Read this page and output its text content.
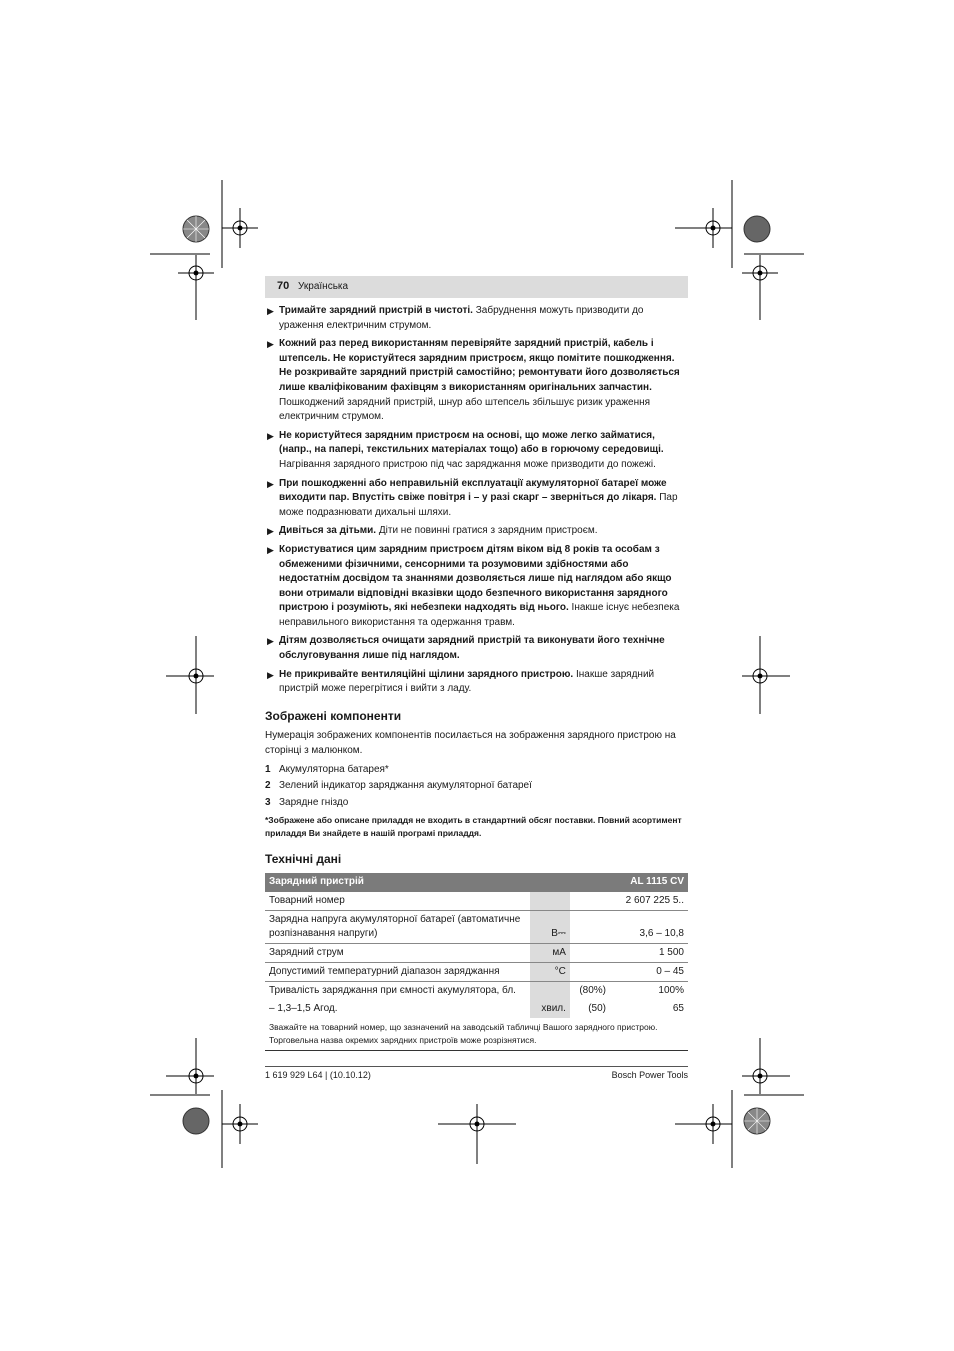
70 Українська
▶ Тримайте зарядний пристрій в чистоті. Забруднення можуть призводити до ураження електричним струмом.
▶ Кожний раз перед використанням перевіряйте зарядний пристрій, кабель і штепсель. Не користуйтеся зарядним пристроєм, якщо помітите пошкодження. Не розкривайте зарядний пристрій самостійно; ремонтувати його дозволяється лише кваліфікованим фахівцям з використанням оригінальних запчастин. Пошкоджений зарядний пристрій, шнур або штепсель збільшує ризик ураження електричним струмом.
▶ Не користуйтеся зарядним пристроєм на основі, що може легко займатися, (напр., на папері, текстильних матеріалах тощо) або в горючому середовищі. Нагрівання зарядного пристрою під час заряджання може призводити до пожежі.
▶ При пошкодженні або неправильній експлуатації акумуляторної батареї може виходити пар. Впустіть свіже повітря і – у разі скарг – зверніться до лікаря. Пар може подразнювати дихальні шляхи.
▶ Дивіться за дітьми. Діти не повинні гратися з зарядним пристроєм.
▶ Користуватися цим зарядним пристроєм дітям віком від 8 років та особам з обмеженими фізичними, сенсорними та розумовими здібностями або недостатнім досвідом та знаннями дозволяється лише під наглядом або якщо вони отримали відповідні вказівки щодо безпечного використання зарядного пристрою і розуміють, які небезпеки надходять від нього. Інакше існує небезпека неправильного використання та одержання травм.
▶ Дітям дозволяється очищати зарядний пристрій та виконувати його технічне обслуговування лише під наглядом.
▶ Не прикривайте вентиляційні щілини зарядного пристрою. Інакше зарядний пристрій може перегрітися і вийти з ладу.
Зображені компоненти
Нумерація зображених компонентів посилається на зображення зарядного пристрою на сторінці з малюнком.
1 Акумуляторна батарея*
2 Зелений індикатор заряджання акумуляторної батареї
3 Зарядне гніздо
*Зображене або описане приладдя не входить в стандартний обсяг поставки. Повний асортимент приладдя Ви знайдете в нашій програмі приладдя.
Технічні дані
Зарядний пристрій			AL 1115 CV
Товарний номер		2 607 225 5..	
Зарядна напруга акумуляторної батареї (автоматичне розпізнавання напруги)	В⎓	3,6 – 10,8	
Зарядний струм	мА	1 500	
Допустимий температурний діапазон заряджання	°C	0 – 45	
Тривалість заряджання при ємності акумулятора, бл.		(80%)	100%
– 1,3–1,5 Агод.	хвил.	(50)	65
Зважайте на товарний номер, що зазначений на заводській табличці Вашого зарядного пристрою. Торговельна назва окремих зарядних пристроїв може розрізнятися.			
1 619 929 L64 | (10.10.12)	Bosch Power Tools
